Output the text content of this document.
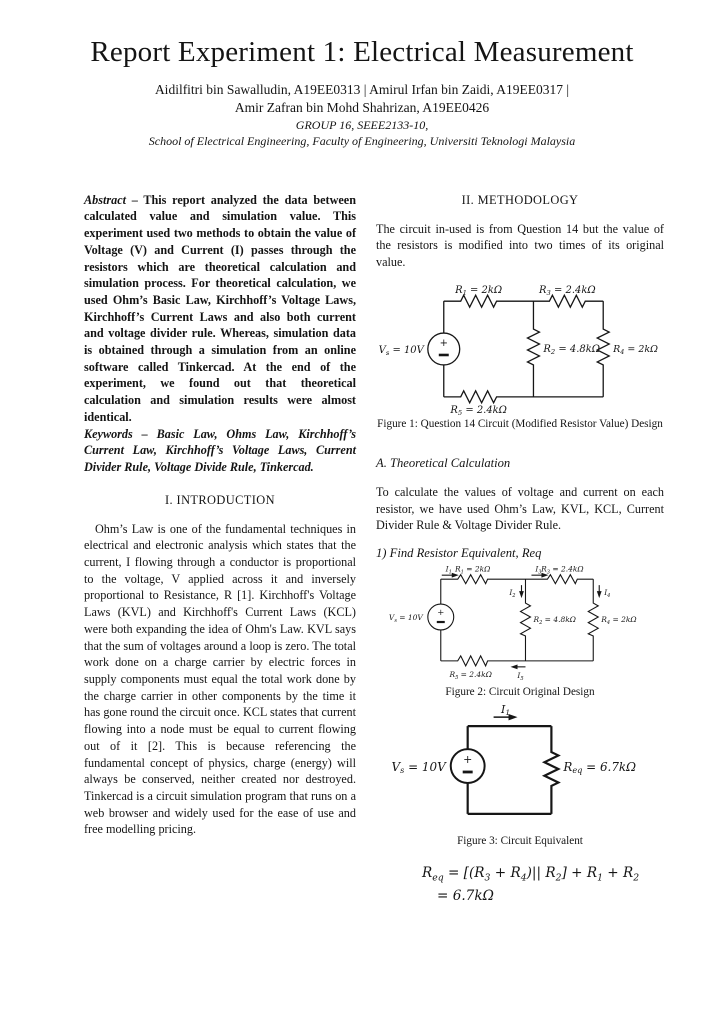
Report Experiment 1: Electrical Measurement
Aidilfitri bin Sawalludin, A19EE0313 | Amirul Irfan bin Zaidi, A19EE0317 |
Amir Zafran bin Mohd Shahrizan, A19EE0426
GROUP 16, SEEE2133-10,
School of Electrical Engineering, Faculty of Engineering, Universiti Teknologi Malaysia

Abstract – This report analyzed the data between calculated value and simulation value. This experiment used two methods to obtain the value of Voltage (V) and Current (I) passes through the resistors which are theoretical calculation and simulation process. For theoretical calculation, we used Ohm’s Basic Law, Kirchhoff’s Voltage Laws, Kirchhoff’s Current Laws and also both current and voltage divider rule. Whereas, simulation data is obtained through a simulation from an online software called Tinkercad. At the end of the experiment, we found out that theoretical calculation and simulation results were almost identical.

Keywords – Basic Law, Ohms Law, Kirchhoff’s Current Law, Kirchhoff’s Voltage Laws, Current Divider Rule, Voltage Divide Rule, Tinkercad.

I. INTRODUCTION

Ohm’s Law is one of the fundamental techniques in electrical and electronic analysis which states that the current, I flowing through a conductor is proportional to the voltage, V applied across it and inversely proportional to Resistance, R [1]. Kirchhoff's Voltage Laws (KVL) and Kirchhoff's Current Laws (KCL) were both expanding the idea of Ohm's Law. KVL says that the sum of voltages around a loop is zero. The total work done on a charge carrier by electric forces in supply components must equal the total work done by the charge carrier in other components by the time it has gone round the circuit once. KCL states that current flowing into a node must be equal to current flowing out of it [2]. This is because referencing the fundamental concept of physics, charge (energy) will always be conserved, neither created nor destroyed. Tinkercad is a circuit simulation program that runs on a web browser and widely used for the ease of use and free modelling pricing.

II. METHODOLOGY

The circuit in-used is from Question 14 but the value of the resistors is modified into two times of its original value.

+
$R_1 = 2k\Omega$	$R_3 = 2.4k\Omega$
$R_2 = 4.8k\Omega$ $R_4 = 2k\Omega$
$R_5 = 2.4k\Omega$
$V_s = 10V$
Figure 1: Question 14 Circuit (Modified Resistor Value) Design
A. Theoretical Calculation

To calculate the values of voltage and current on each resistor, we have used Ohm’s Law, KVL, KCL, Current Divider Rule & Voltage Divider Rule.

1) Find Resistor Equivalent, Req

+
$I_1$	$I_3$
$I_2$	$I_4$
$I_5$
$R_1 = 2k\Omega$	$R_3 = 2.4k\Omega$
$R_2 = 4.8k\Omega$	$R_4 = 2k\Omega$
$R_5 = 2.4k\Omega$
$V_s = 10V$
Figure 2: Circuit Original Design
+
I1
Vs = 10V	Req = 6.7kΩ
Figure 3: Circuit Equivalent
$R_{eq} = [(R_3 + R_4)||$ $R_2] + R_1 + R_2$
= 6.7kΩ
